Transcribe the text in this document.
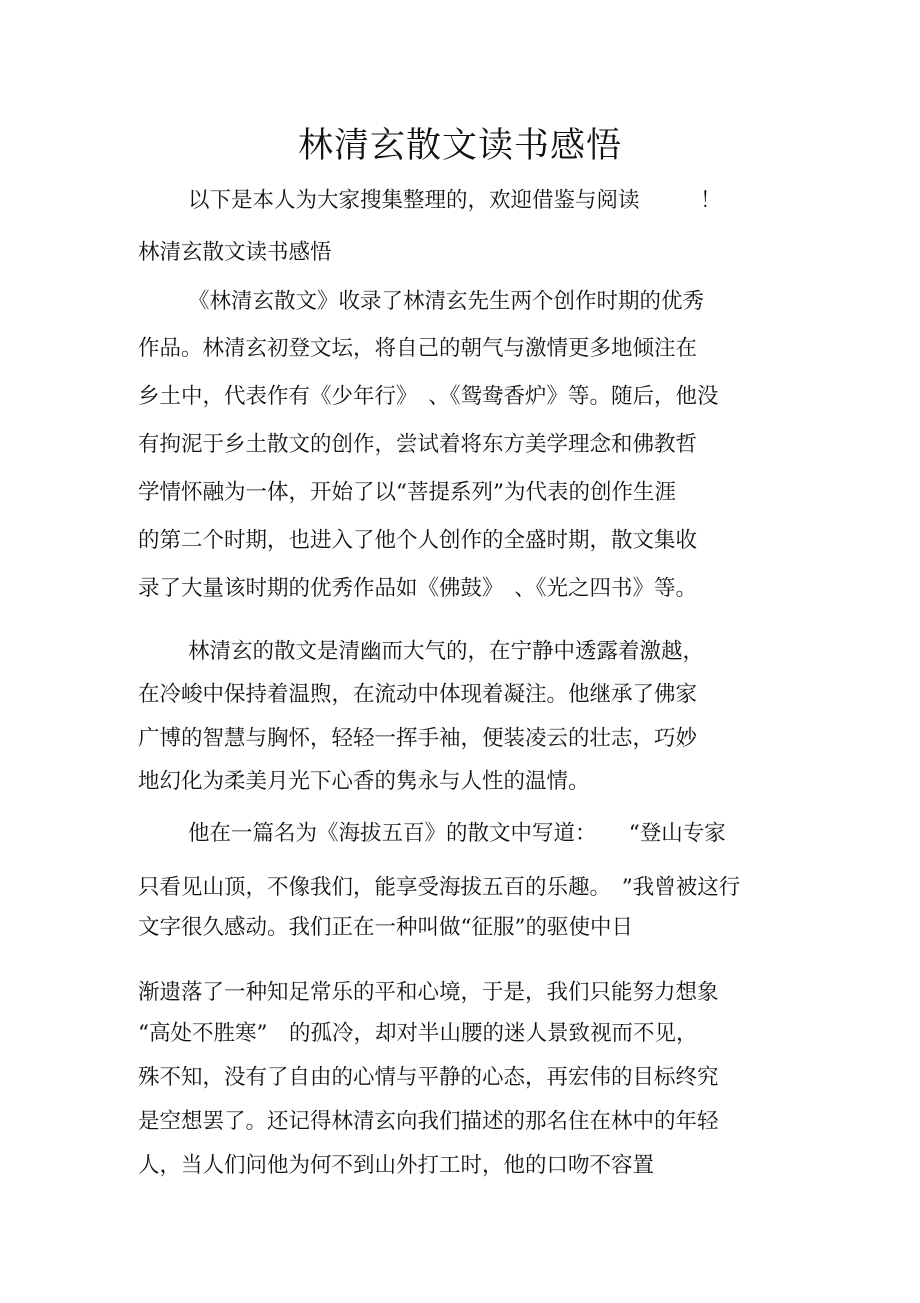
林清玄散文读书感悟
以下是本人为大家搜集整理的，欢迎借鉴与阅读	！
林清玄散文读书感悟
《林清玄散文》收录了林清玄先生两个创作时期的优秀
作品。林清玄初登文坛，将自己的朝气与激情更多地倾注在
乡土中，代表作有《少年行》　、《鸳鸯香炉》等。随后，他没
有拘泥于乡土散文的创作，尝试着将东方美学理念和佛教哲
学情怀融为一体，开始了以“菩提系列”为代表的创作生涯
的第二个时期，也进入了他个人创作的全盛时期，散文集收
录了大量该时期的优秀作品如《佛鼓》　、《光之四书》等。
林清玄的散文是清幽而大气的，在宁静中透露着激越，
在冷峻中保持着温煦，在流动中体现着凝注。他继承了佛家
广博的智慧与胸怀，轻轻一挥手袖，便装凌云的壮志，巧妙
地幻化为柔美月光下心香的隽永与人性的温情。
他在一篇名为《海拔五百》的散文中写道：　　“登山专家
只看见山顶，不像我们，能享受海拔五百的乐趣。　”我曾被这行
文字很久感动。我们正在一种叫做“征服”的驱使中日
渐遗落了一种知足常乐的平和心境，于是，我们只能努力想象
“高处不胜寒”　的孤冷，却对半山腰的迷人景致视而不见，
殊不知，没有了自由的心情与平静的心态，再宏伟的目标终究
是空想罢了。还记得林清玄向我们描述的那名住在林中的年轻
人，当人们问他为何不到山外打工时，他的口吻不容置
